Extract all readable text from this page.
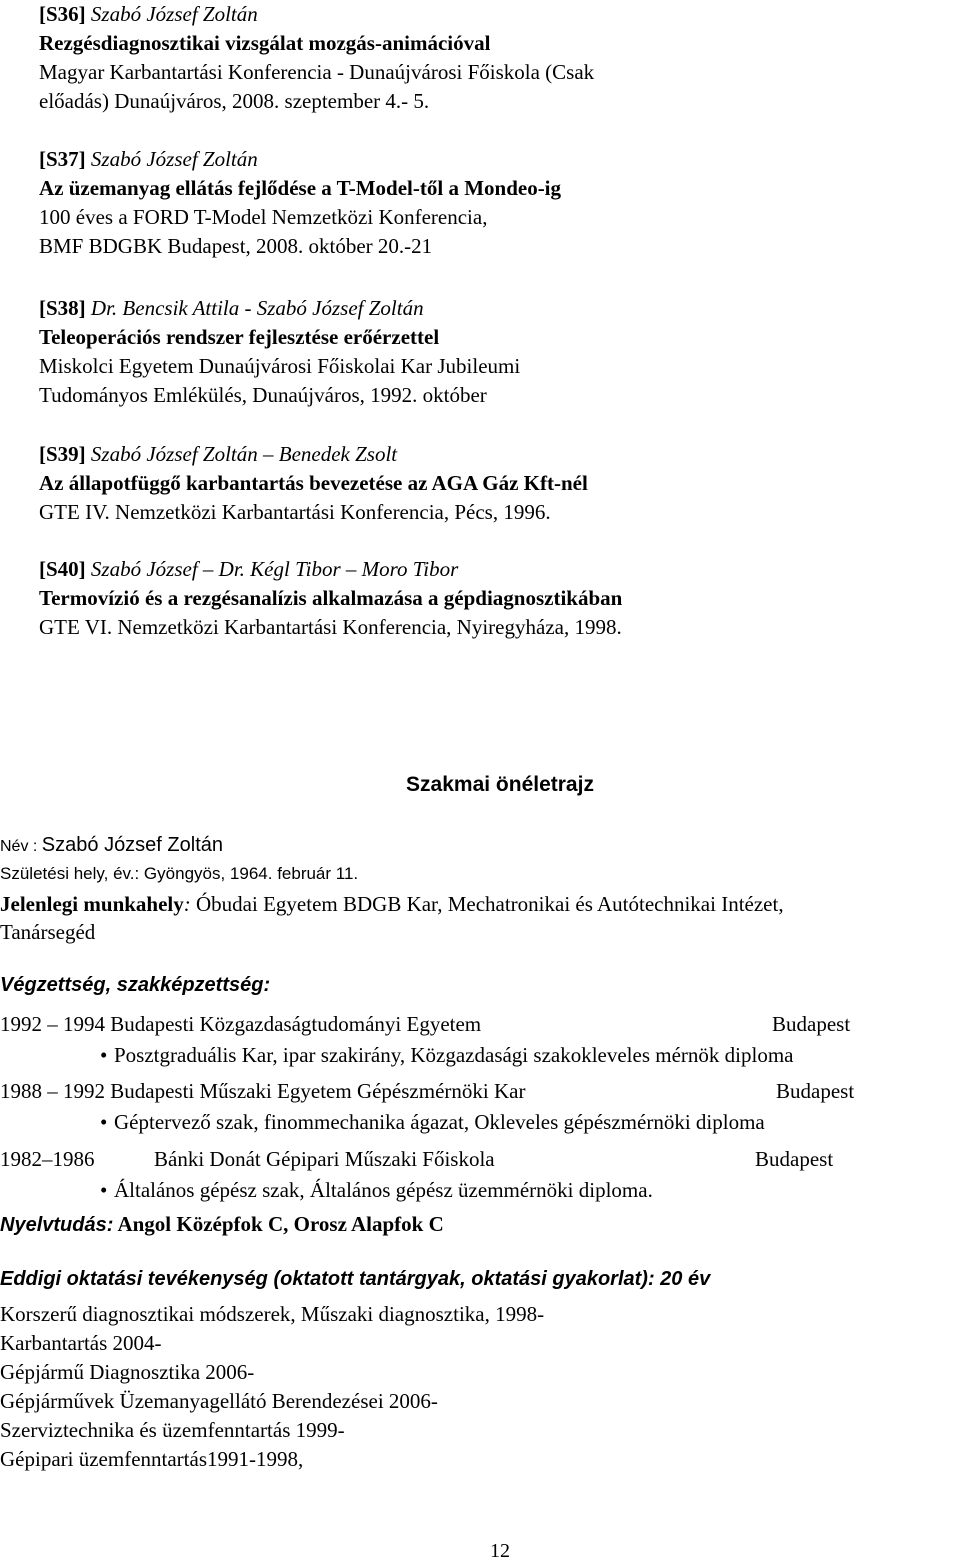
[S36] Szabó József Zoltán
Rezgésdiagnosztikai vizsgálat mozgás-animációval
Magyar Karbantartási Konferencia - Dunaújvárosi Főiskola (Csak
előadás) Dunaújváros, 2008. szeptember 4.- 5.
[S37] Szabó József Zoltán
Az üzemanyag ellátás fejlődése a T-Model-től a Mondeo-ig
100 éves a FORD T-Model Nemzetközi Konferencia,
BMF BDGBK Budapest, 2008. október 20.-21
[S38] Dr. Bencsik Attila - Szabó József Zoltán
Teleoperációs rendszer fejlesztése erőérzettel
Miskolci Egyetem Dunaújvárosi Főiskolai Kar Jubileumi
Tudományos Emlékülés, Dunaújváros, 1992. október
[S39] Szabó József Zoltán – Benedek Zsolt
Az állapotfüggő karbantartás bevezetése az AGA Gáz Kft-nél
GTE IV. Nemzetközi Karbantartási Konferencia, Pécs, 1996.
[S40] Szabó József – Dr. Kégl Tibor – Moro Tibor
Termovízió és a rezgésanalízis alkalmazása a gépdiagnosztikában
GTE VI. Nemzetközi Karbantartási Konferencia, Nyiregyháza, 1998.
Szakmai önéletrajz
Név : Szabó József Zoltán
Születési hely, év.: Gyöngyös, 1964. február 11.
Jelenlegi munkahely: Óbudai Egyetem BDGB Kar, Mechatronikai és Autótechnikai Intézet,
Tanársegéd
Végzettség, szakképzettség:
1992 – 1994 Budapesti Közgazdaságtudományi Egyetem	Budapest
• Posztgraduális Kar, ipar szakirány, Közgazdasági szakokleveles mérnök diploma
1988 – 1992 Budapesti Műszaki Egyetem Gépészmérnöki Kar	Budapest
• Géptervező szak, finommechanika ágazat, Okleveles gépészmérnöki diploma
1982–1986	Bánki Donát Gépipari Műszaki Főiskola	Budapest
• Általános gépész szak, Általános gépész üzemmérnöki diploma.
Nyelvtudás: Angol Középfok C, Orosz Alapfok C
Eddigi oktatási tevékenység (oktatott tantárgyak, oktatási gyakorlat): 20 év
Korszerű diagnosztikai módszerek, Műszaki diagnosztika, 1998-
Karbantartás 2004-
Gépjármű Diagnosztika 2006-
Gépjárművek Üzemanyagellátó Berendezései 2006-
Szerviztechnika és üzemfenntartás 1999-
Gépipari üzemfenntartás1991-1998,
12
